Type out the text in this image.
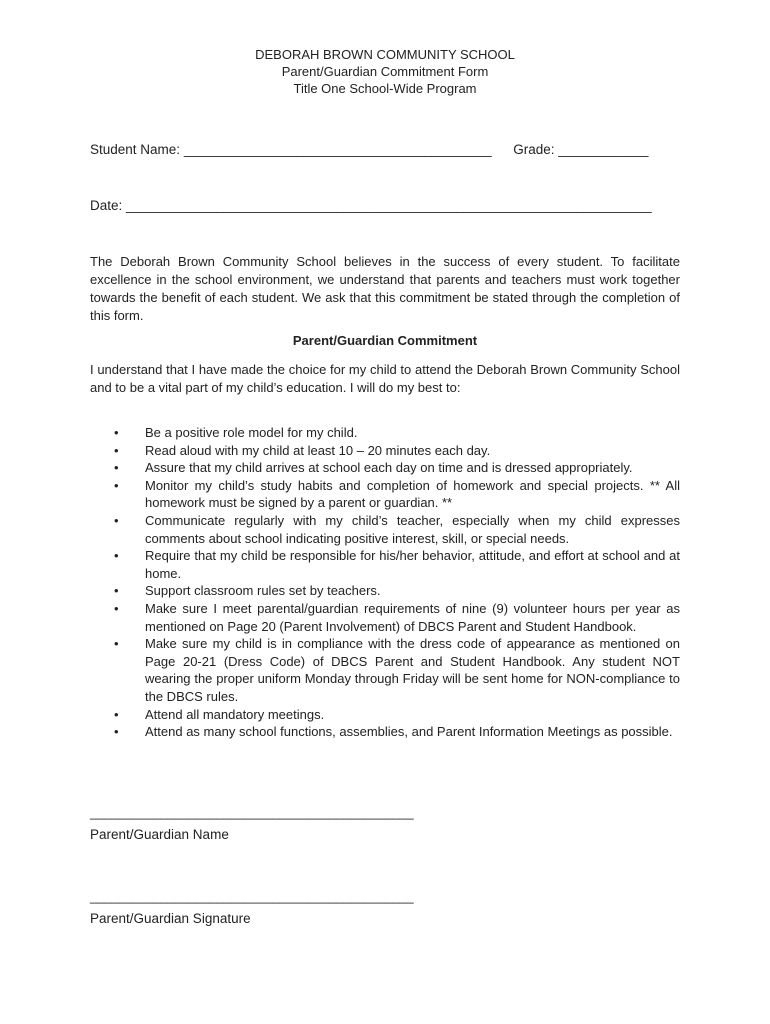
DEBORAH BROWN COMMUNITY SCHOOL
Parent/Guardian Commitment Form
Title One School-Wide Program
Student Name: _________________________________________ Grade: ____________
Date: ______________________________________________________________________

The Deborah Brown Community School believes in the success of every student. To facilitate excellence in the school environment, we understand that parents and teachers must work together towards the benefit of each student. We ask that this commitment be stated through the completion of this form.

Parent/Guardian Commitment

I understand that I have made the choice for my child to attend the Deborah Brown Community School and to be a vital part of my child’s education. I will do my best to:

• Be a positive role model for my child.
• Read aloud with my child at least 10 – 20 minutes each day.
• Assure that my child arrives at school each day on time and is dressed appropriately.
• Monitor my child’s study habits and completion of homework and special projects. ** All homework must be signed by a parent or guardian. **
• Communicate regularly with my child’s teacher, especially when my child expresses comments about school indicating positive interest, skill, or special needs.
• Require that my child be responsible for his/her behavior, attitude, and effort at school and at home.
• Support classroom rules set by teachers.
• Make sure I meet parental/guardian requirements of nine (9) volunteer hours per year as mentioned on Page 20 (Parent Involvement) of DBCS Parent and Student Handbook.
• Make sure my child is in compliance with the dress code of appearance as mentioned on Page 20-21 (Dress Code) of DBCS Parent and Student Handbook. Any student NOT wearing the proper uniform Monday through Friday will be sent home for NON-compliance to the DBCS rules.
• Attend all mandatory meetings.
• Attend as many school functions, assemblies, and Parent Information Meetings as possible.
______________________________________________
Parent/Guardian Name
______________________________________________
Parent/Guardian Signature
